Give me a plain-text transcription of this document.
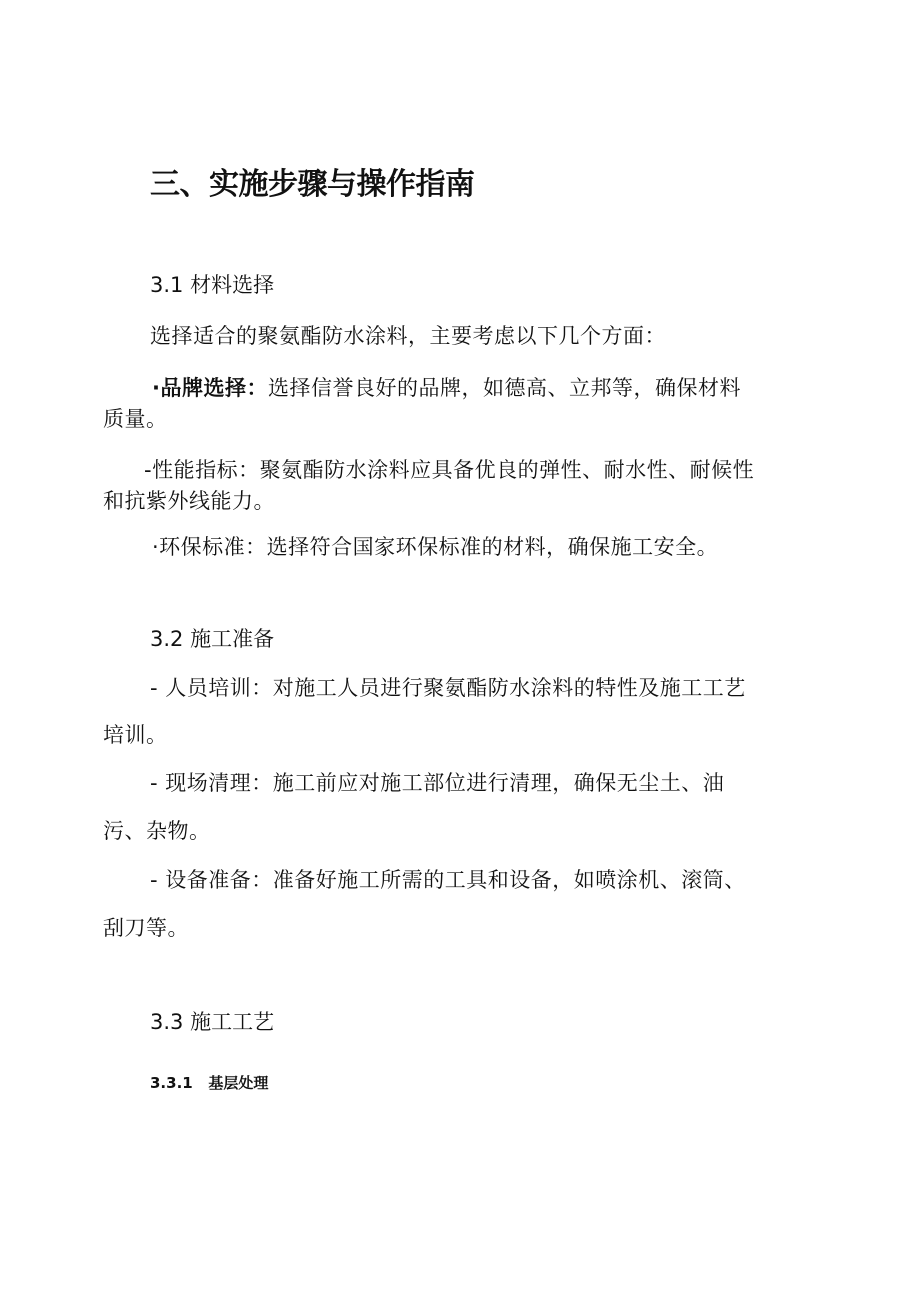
三、实施步骤与操作指南
3.1 材料选择
选择适合的聚氨酯防水涂料，主要考虑以下几个方面：
·品牌选择：选择信誉良好的品牌，如德高、立邦等，确保材料
质量。
-性能指标：聚氨酯防水涂料应具备优良的弹性、耐水性、耐候性
和抗紫外线能力。
·环保标准：选择符合国家环保标准的材料，确保施工安全。
3.2 施工准备
- 人员培训：对施工人员进行聚氨酯防水涂料的特性及施工工艺
培训。
- 现场清理：施工前应对施工部位进行清理，确保无尘土、油
污、杂物。
- 设备准备：准备好施工所需的工具和设备，如喷涂机、滚筒、
刮刀等。
3.3 施工工艺
3.3.1   基层处理
